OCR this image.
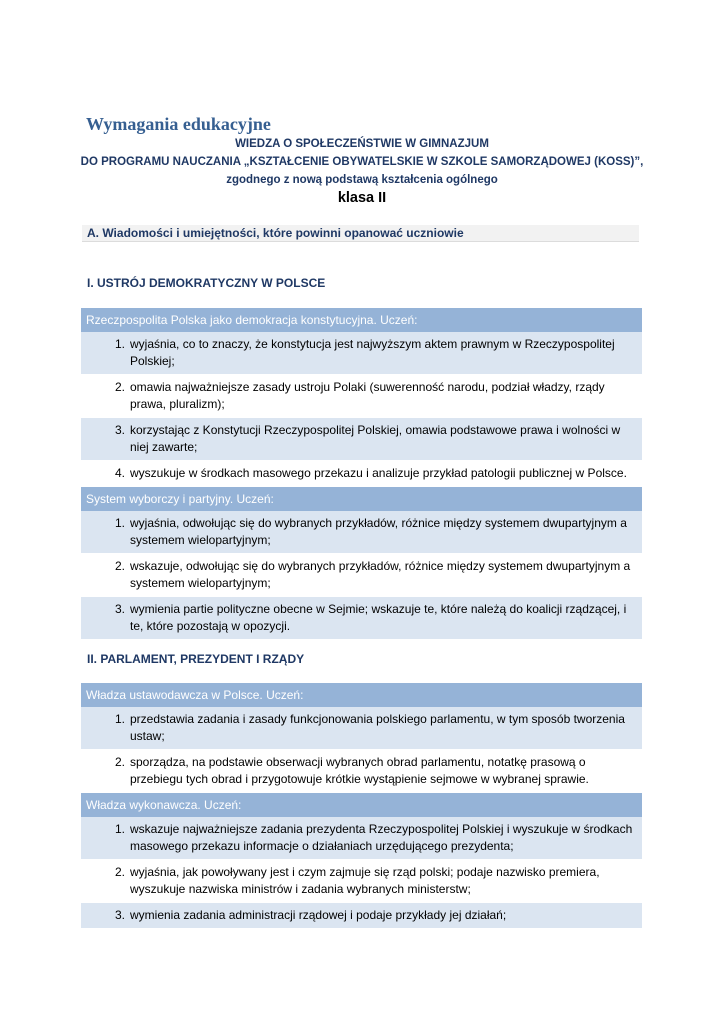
Wymagania edukacyjne

WIEDZA O SPOŁECZEŃSTWIE W GIMNAZJUM

DO PROGRAMU NAUCZANIA „KSZTAŁCENIE OBYWATELSKIE W SZKOLE SAMORZĄDOWEJ (KOSS)”,

zgodnego z nową podstawą kształcenia ogólnego

klasa II

A. Wiadomości i umiejętności, które powinni opanować uczniowie

I. USTRÓJ DEMOKRATYCZNY W POLSCE

Rzeczpospolita Polska jako demokracja konstytucyjna. Uczeń:
1. wyjaśnia, co to znaczy, że konstytucja jest najwyższym aktem prawnym w Rzeczypospolitej Polskiej;
2. omawia najważniejsze zasady ustroju Polaki (suwerenność narodu, podział władzy, rządy prawa, pluralizm);
3. korzystając z Konstytucji Rzeczypospolitej Polskiej, omawia podstawowe prawa i wolności w niej zawarte;
4. wyszukuje w środkach masowego przekazu i analizuje przykład patologii publicznej w Polsce.
System wyborczy i partyjny. Uczeń:
1. wyjaśnia, odwołując się do wybranych przykładów, różnice między systemem dwupartyjnym a systemem wielopartyjnym;
2. wskazuje, odwołując się do wybranych przykładów, różnice między systemem dwupartyjnym a systemem wielopartyjnym;
3. wymienia partie polityczne obecne w Sejmie; wskazuje te, które należą do koalicji rządzącej, i te, które pozostają w opozycji.

II. PARLAMENT, PREZYDENT I RZĄDY

Władza ustawodawcza w Polsce. Uczeń:
1. przedstawia zadania i zasady funkcjonowania polskiego parlamentu, w tym sposób tworzenia ustaw;
2. sporządza, na podstawie obserwacji wybranych obrad parlamentu, notatkę prasową o przebiegu tych obrad i przygotowuje krótkie wystąpienie sejmowe w wybranej sprawie.
Władza wykonawcza. Uczeń:
1. wskazuje najważniejsze zadania prezydenta Rzeczypospolitej Polskiej i wyszukuje w środkach masowego przekazu informacje o działaniach urzędującego prezydenta;
2. wyjaśnia, jak powoływany jest i czym zajmuje się rząd polski; podaje nazwisko premiera, wyszukuje nazwiska ministrów i zadania wybranych ministerstw;
3. wymienia zadania administracji rządowej i podaje przykłady jej działań;
